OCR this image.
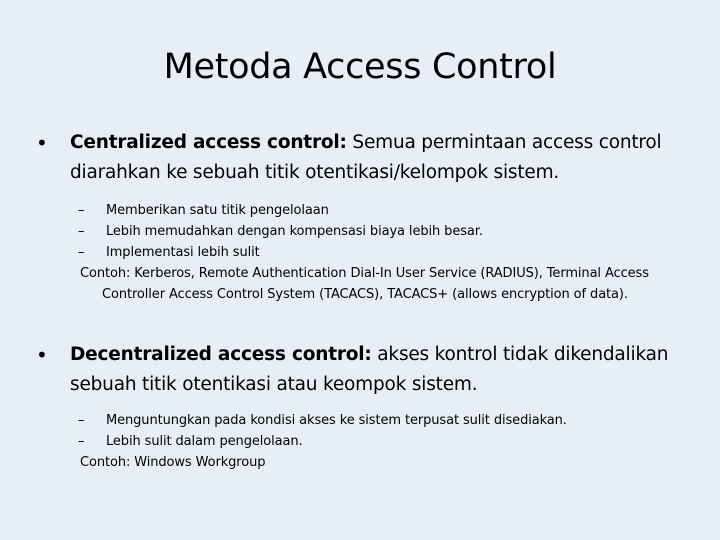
Metoda Access Control
• Centralized access control: Semua permintaan access control diarahkan ke sebuah titik otentikasi/kelompok sistem.
– Memberikan satu titik pengelolaan
– Lebih memudahkan dengan kompensasi biaya lebih besar.
– Implementasi lebih sulit
Contoh: Kerberos, Remote Authentication Dial-In User Service (RADIUS), Terminal Access Controller Access Control System (TACACS), TACACS+ (allows encryption of data).
• Decentralized access control: akses kontrol tidak dikendalikan sebuah titik otentikasi atau keompok sistem.
– Menguntungkan pada kondisi akses ke sistem terpusat sulit disediakan.
– Lebih sulit dalam pengelolaan.
Contoh: Windows Workgroup
